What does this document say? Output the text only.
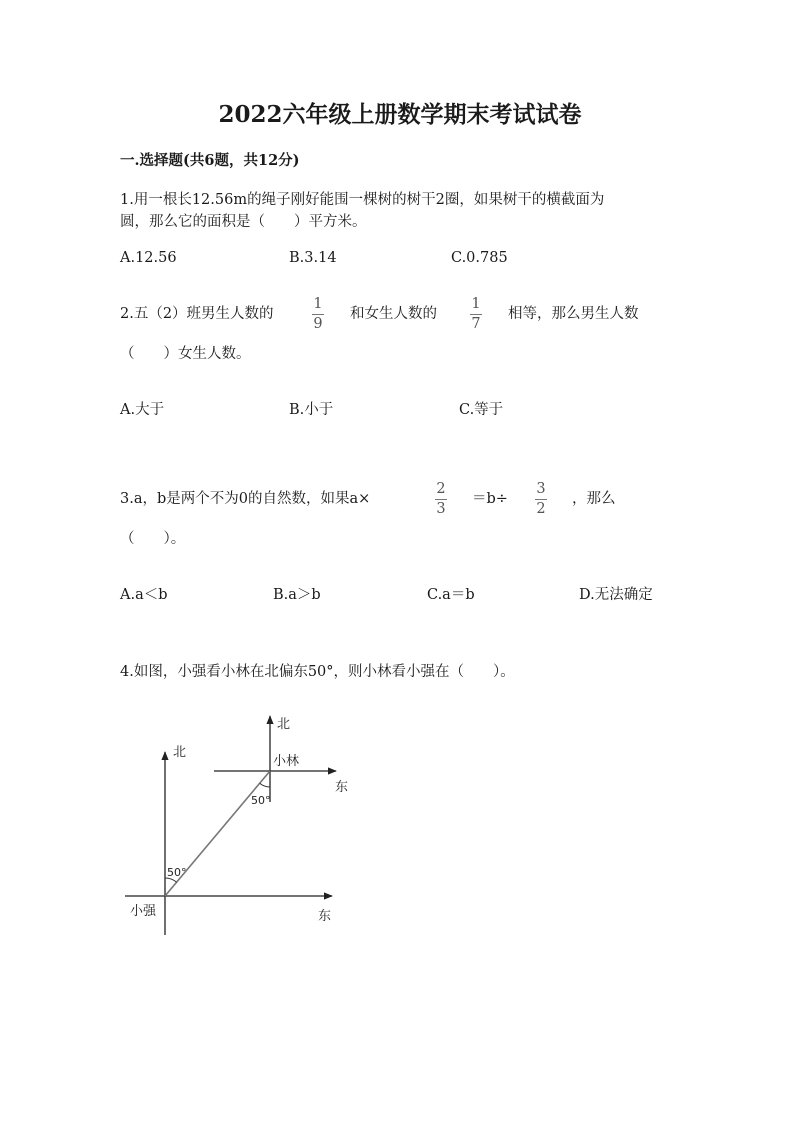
2022六年级上册数学期末考试试卷
一.选择题(共6题，共12分)
1.用一根长12.56m的绳子刚好能围一棵树的树干2圈，如果树干的横截面为
圆，那么它的面积是（　　）平方米。
A.12.56	B.3.14	C.0.785
2.五（2）班男生人数的
1
9
和女生人数的
1
7
相等，那么男生人数
（　　）女生人数。
A.大于	B.小于	C.等于
3.a，b是两个不为0的自然数，如果a×
2
3
＝b÷
3
2
，那么
（　　）。
A.a＜b	B.a＞b	C.a＝b	D.无法确定
4.如图，小强看小林在北偏东50°，则小林看小强在（　　）。
北
东
小强
50°
北
东
小林
50°
